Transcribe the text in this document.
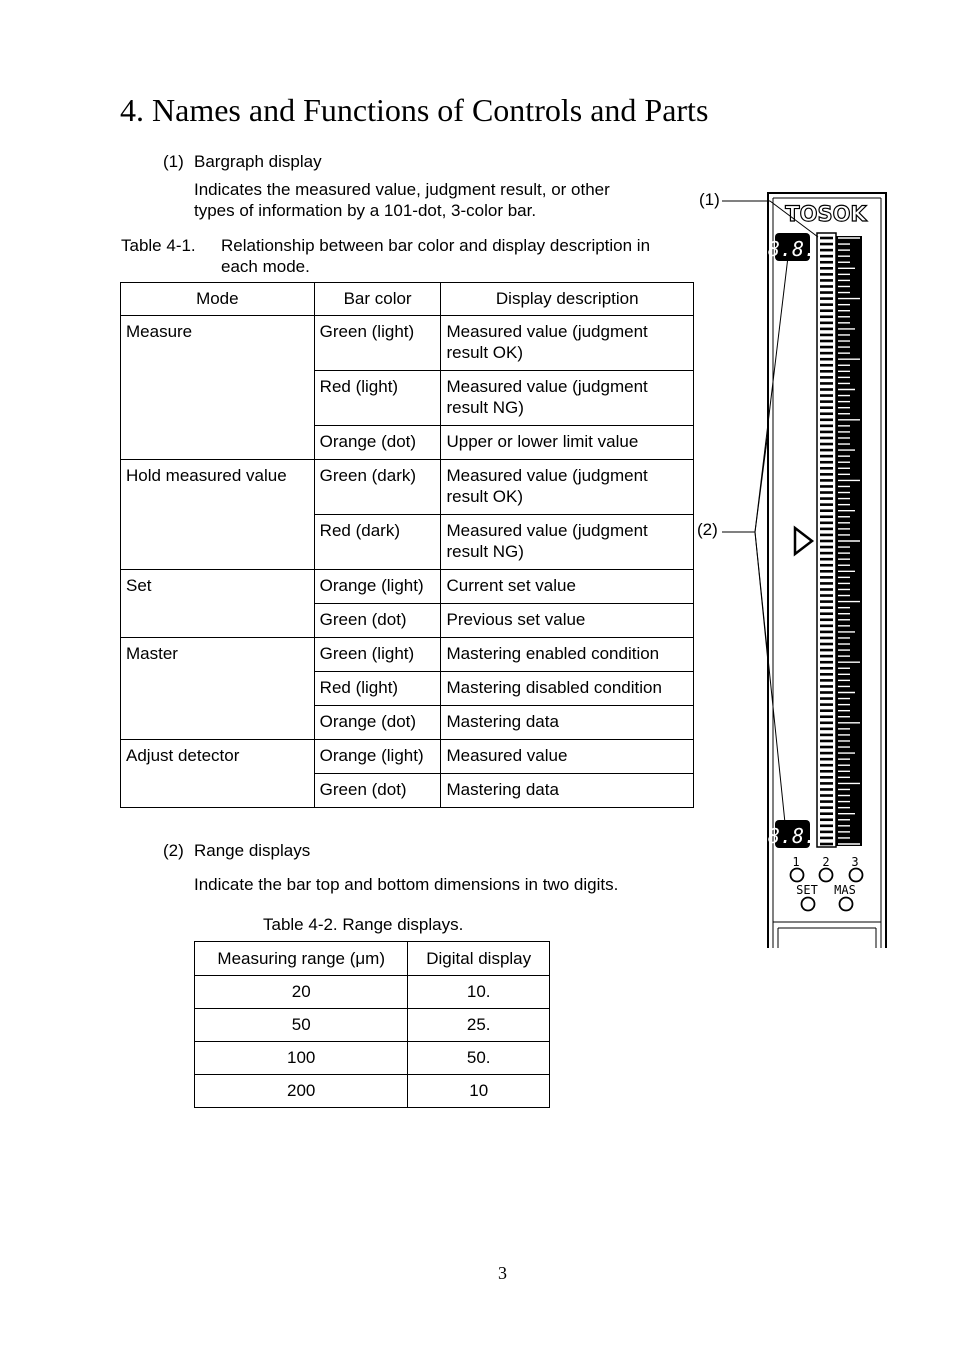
4. Names and Functions of Controls and Parts
(1) Bargraph display
Indicates the measured value, judgment result, or other
types of information by a 101-dot, 3-color bar.
Table 4-1. Relationship between bar color and display description in
each mode.
Mode	Bar color	Display description
Measure	Green (light)	Measured value (judgment
result OK)

	Red (light)	Measured value (judgment
result NG)

	Orange (dot)	Upper or lower limit value
Hold measured value	Green (dark)	Measured value (judgment
result OK)

	Red (dark)	Measured value (judgment
result NG)

Set	Orange (light)	Current set value
	Green (dot)	Previous set value
Master	Green (light)	Mastering enabled condition
	Red (light)	Mastering disabled condition
	Orange (dot)	Mastering data
Adjust detector	Orange (light)	Measured value
	Green (dot)	Mastering data
(2) Range displays
Indicate the bar top and bottom dimensions in two digits.
Table 4-2. Range displays.
Measuring range (μm)	Digital display
20	10.
50	25.
100	50.
200	10
TOSOK
8.8.
8.8.
(1)
(2)
1 2 3
SET MAS
3
